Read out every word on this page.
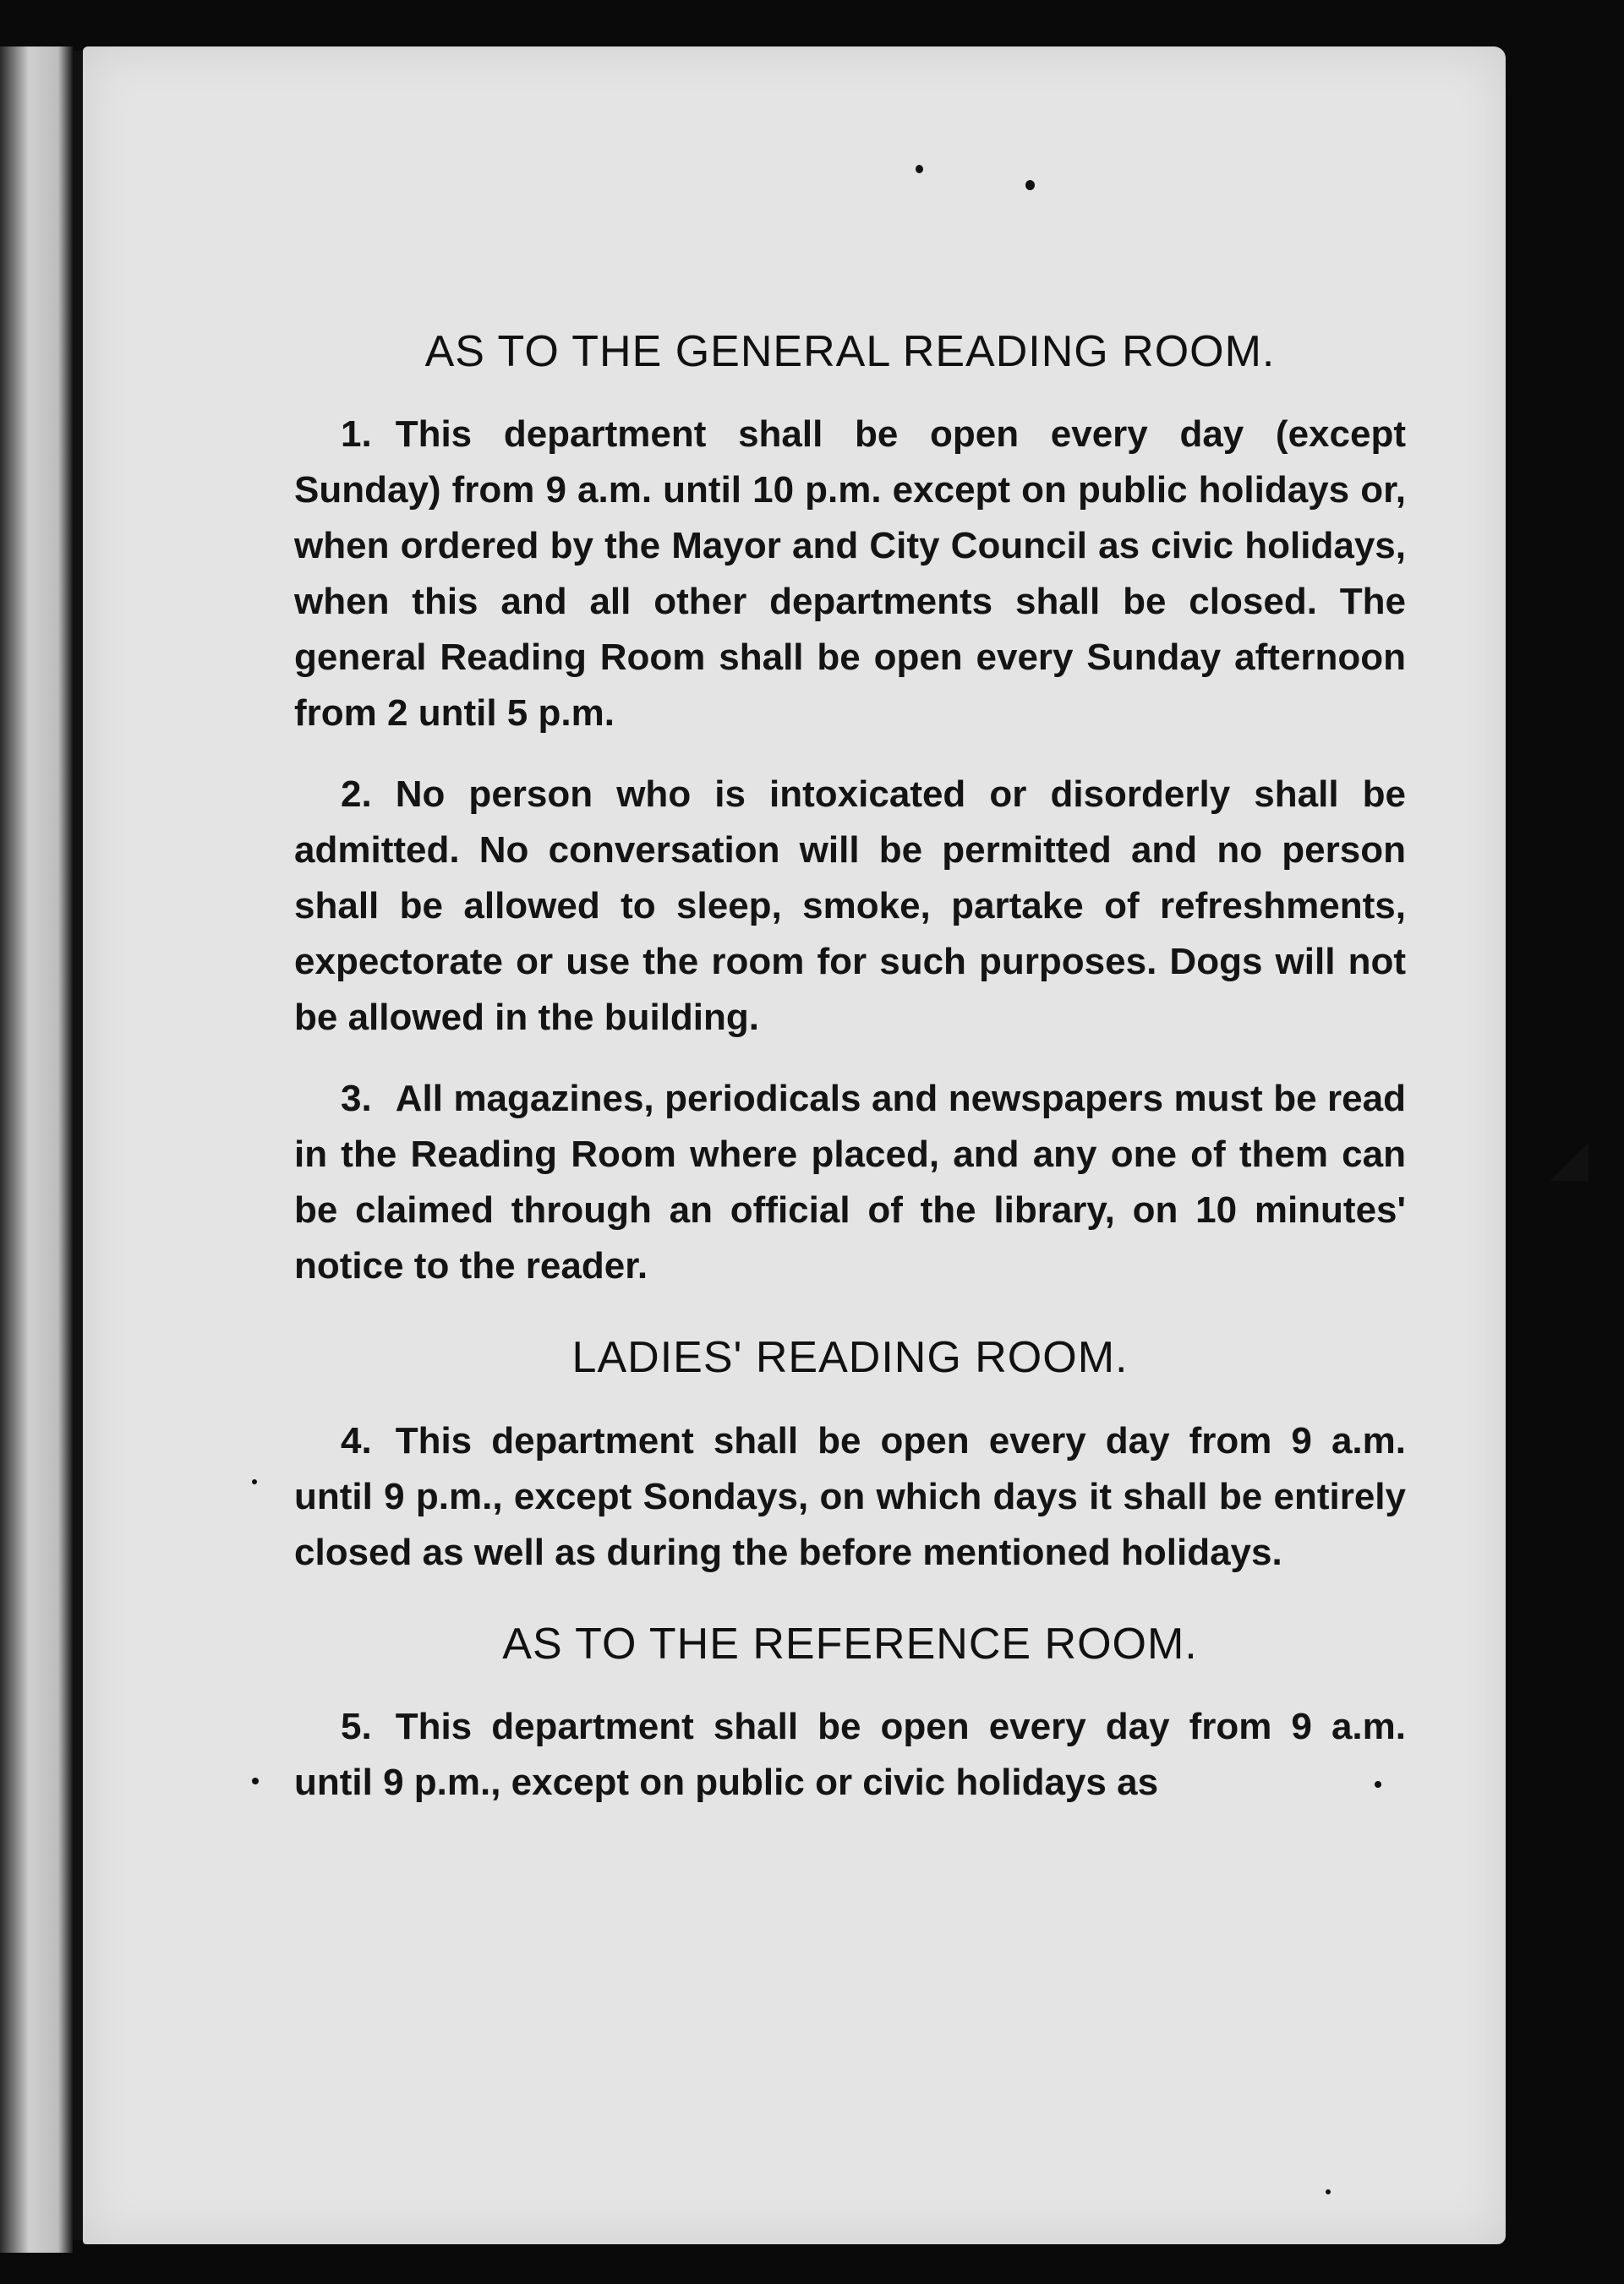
◢
AS TO THE GENERAL READING ROOM.

1. This department shall be open every day (except Sunday) from 9 a.m. until 10 p.m. except on public holidays or, when ordered by the Mayor and City Council as civic holidays, when this and all other departments shall be closed. The general Reading Room shall be open every Sunday afternoon from 2 until 5 p.m.

2. No person who is intoxicated or disorderly shall be admitted. No conversation will be permitted and no person shall be allowed to sleep, smoke, partake of refreshments, expectorate or use the room for such purposes. Dogs will not be allowed in the building.

3. All magazines, periodicals and newspapers must be read in the Reading Room where placed, and any one of them can be claimed through an official of the library, on 10 minutes' notice to the reader.

LADIES' READING ROOM.

4. This department shall be open every day from 9 a.m. until 9 p.m., except Sondays, on which days it shall be entirely closed as well as during the before mentioned holidays.

AS TO THE REFERENCE ROOM.

5. This department shall be open every day from 9 a.m. until 9 p.m., except on public or civic holidays as
